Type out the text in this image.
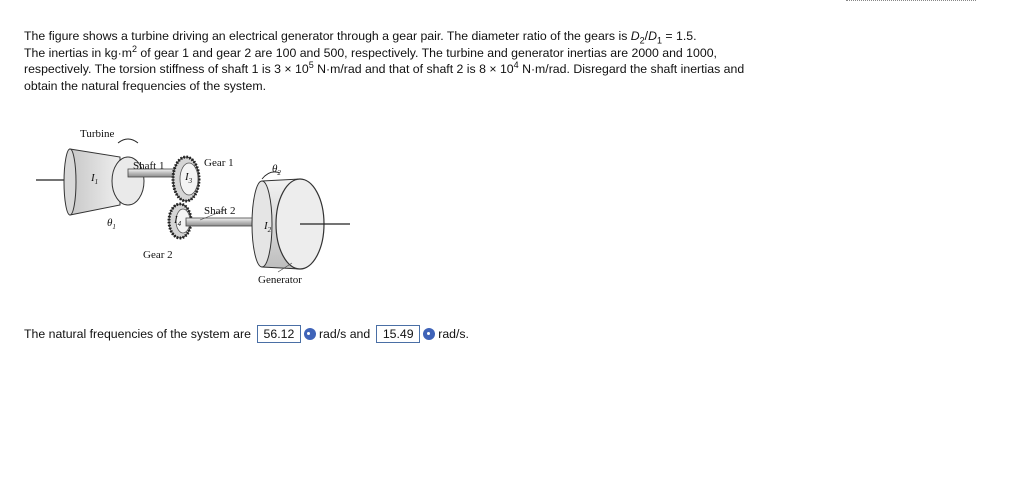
The figure shows a turbine driving an electrical generator through a gear pair. The diameter ratio of the gears is $D_2/D_1 = 1.5$.

The inertias in $kg\cdot m^2$ of gear 1 and gear 2 are 100 and 500, respectively. The turbine and generator inertias are 2000 and 1000,

respectively. The torsion stiffness of shaft 1 is $3 \times 10^5$ N·m/rad and that of shaft 2 is $8 \times 10^4$ N·m/rad. Disregard the shaft inertias and

obtain the natural frequencies of the system.

Turbine
Shaft 1	Gear 1
Shaft 2
Gear 2
Generator
$I_1$
$I_2$
$I_3$
$I_4$
$\theta_1$
$\theta_2$
The natural frequencies of the system are	56.12	rad/s and	15.49	rad/s.
